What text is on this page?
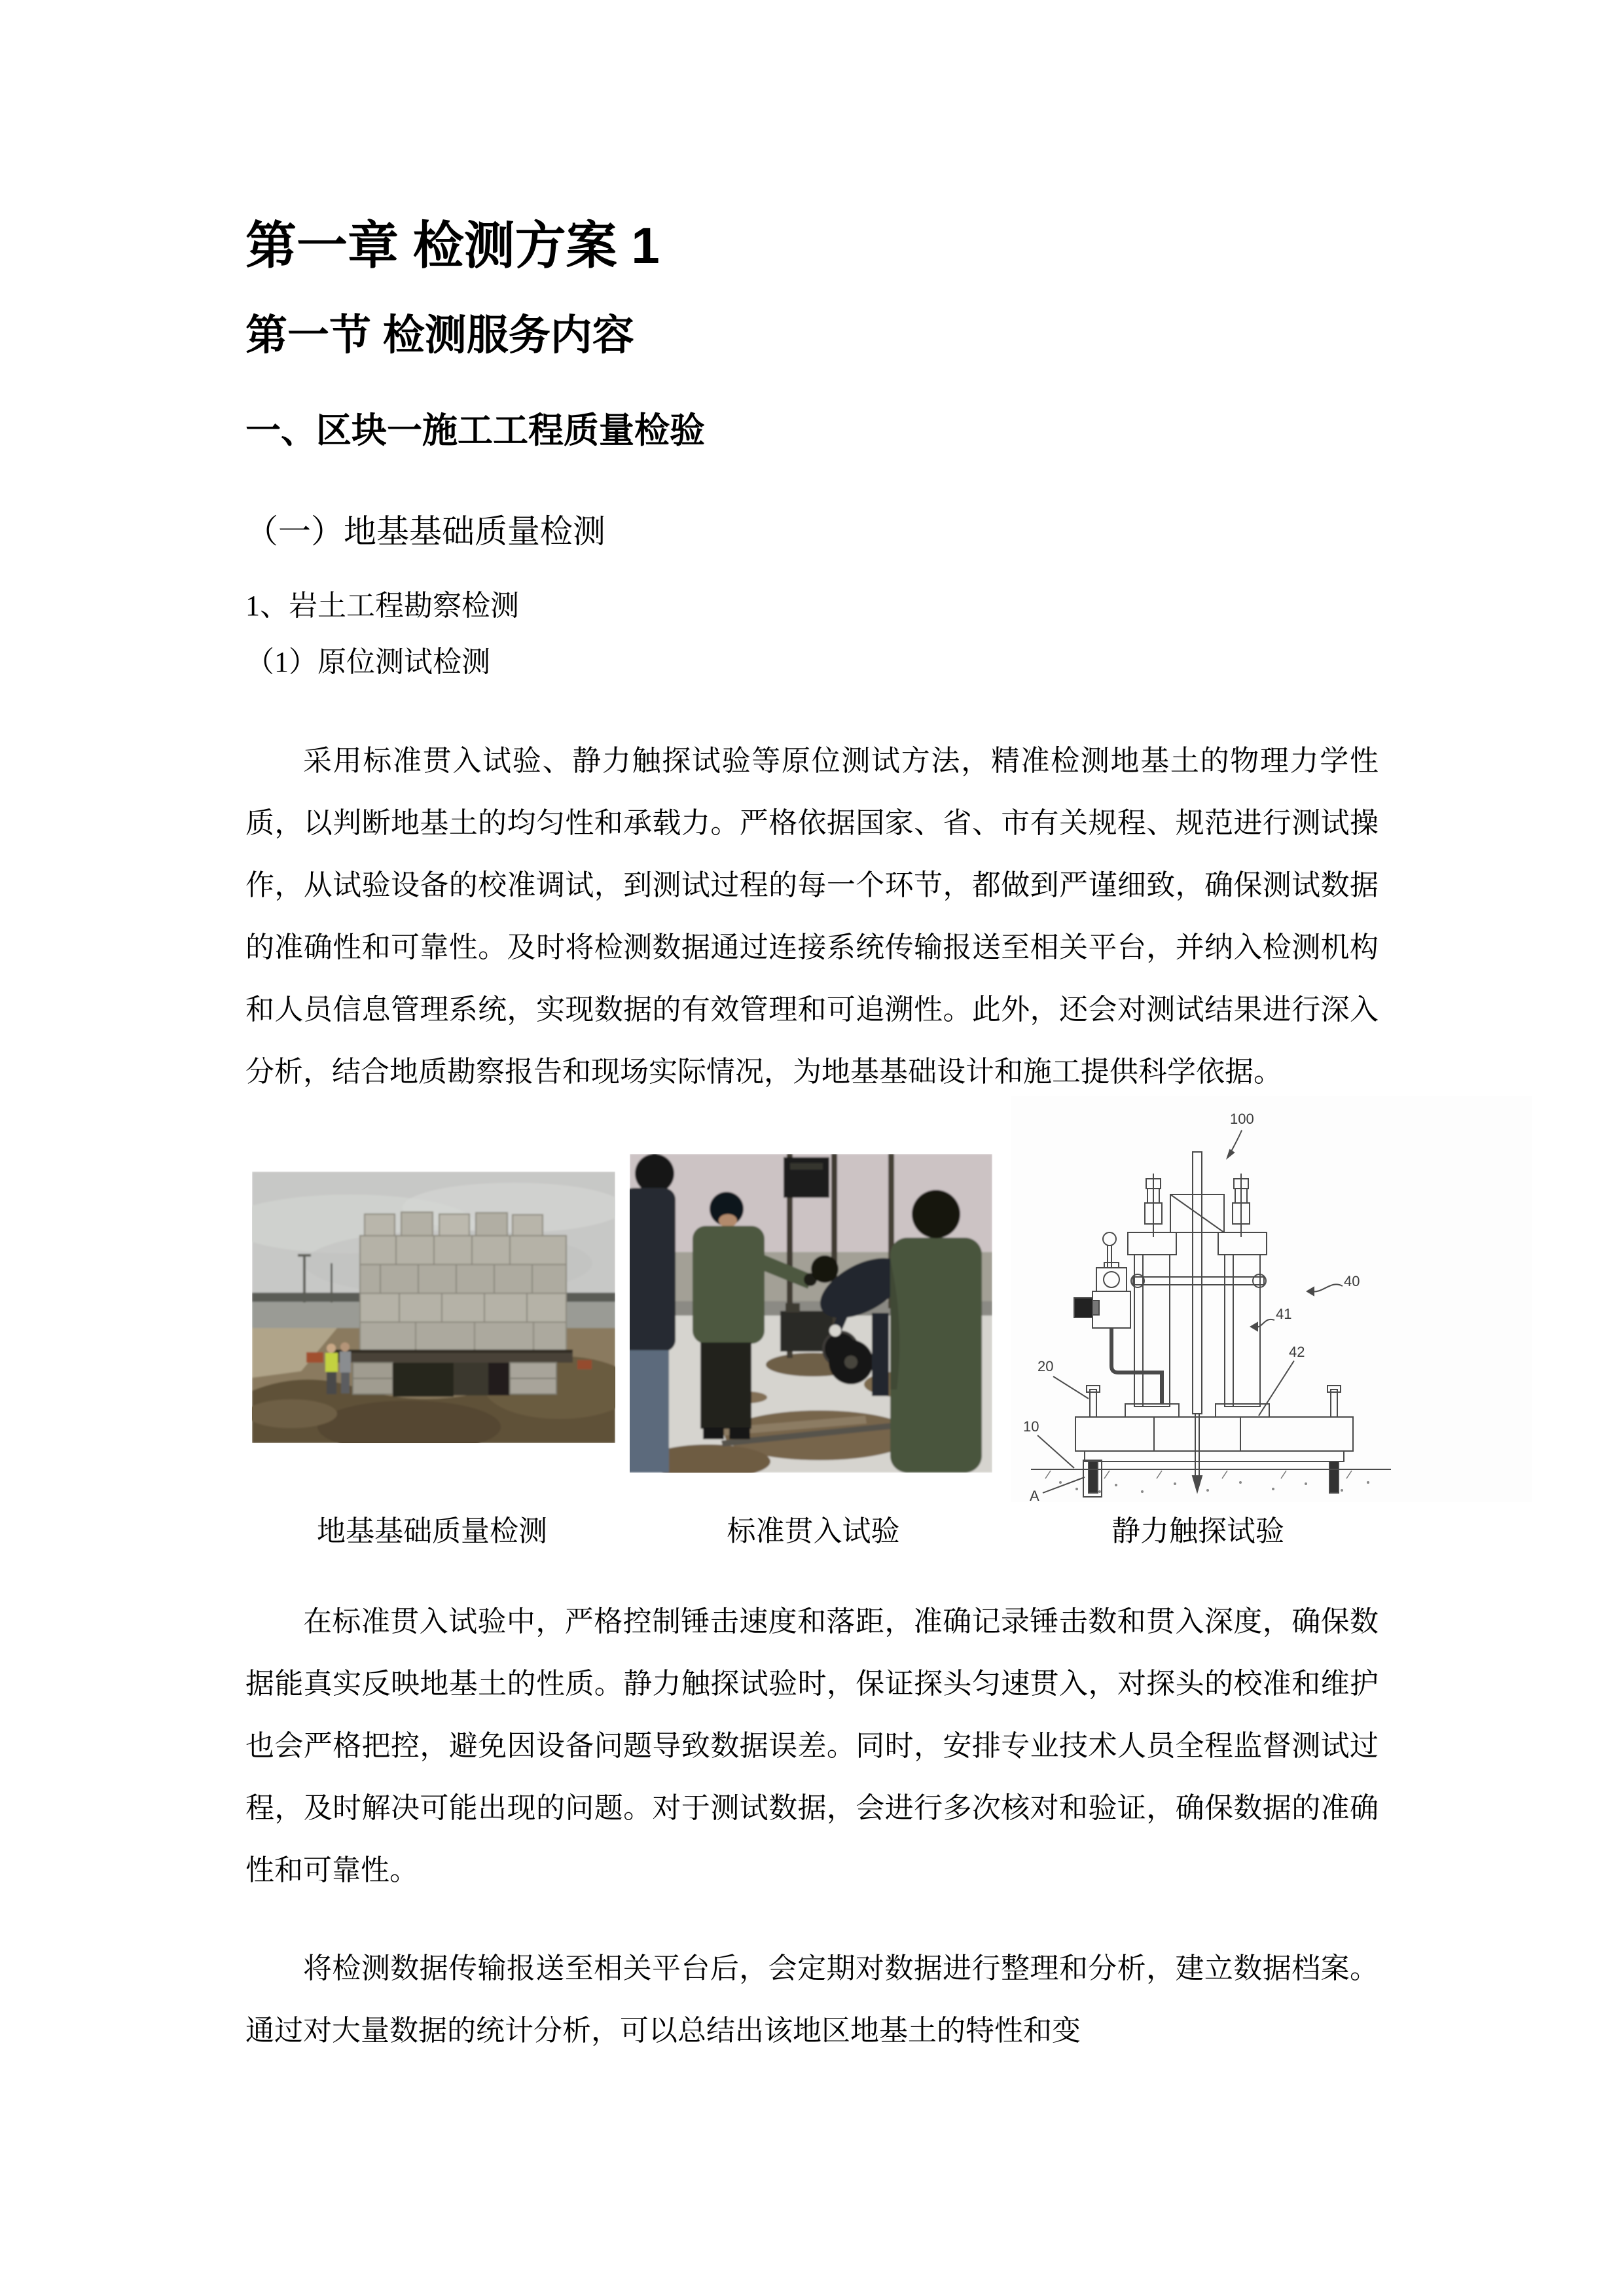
第一章 检测方案 1
第一节 检测服务内容
一、区块一施工工程质量检验
（一）地基基础质量检测
1、岩土工程勘察检测
（1）原位测试检测

采用标准贯入试验、静力触探试验等原位测试方法，精准检测地基土的物理力学性质，以判断地基土的均匀性和承载力。严格依据国家、省、市有关规程、规范进行测试操作，从试验设备的校准调试，到测试过程的每一个环节，都做到严谨细致，确保测试数据的准确性和可靠性。及时将检测数据通过连接系统传输报送至相关平台，并纳入检测机构和人员信息管理系统，实现数据的有效管理和可追溯性。此外，还会对测试结果进行深入分析，结合地质勘察报告和现场实际情况，为地基基础设计和施工提供科学依据。

100
40
41
42
20
10
A
地基基础质量检测	标准贯入试验	静力触探试验

在标准贯入试验中，严格控制锤击速度和落距，准确记录锤击数和贯入深度，确保数据能真实反映地基土的性质。静力触探试验时，保证探头匀速贯入，对探头的校准和维护也会严格把控，避免因设备问题导致数据误差。同时，安排专业技术人员全程监督测试过程，及时解决可能出现的问题。对于测试数据，会进行多次核对和验证，确保数据的准确性和可靠性。

将检测数据传输报送至相关平台后，会定期对数据进行整理和分析，建立数据档案。通过对大量数据的统计分析，可以总结出该地区地基土的特性和变
